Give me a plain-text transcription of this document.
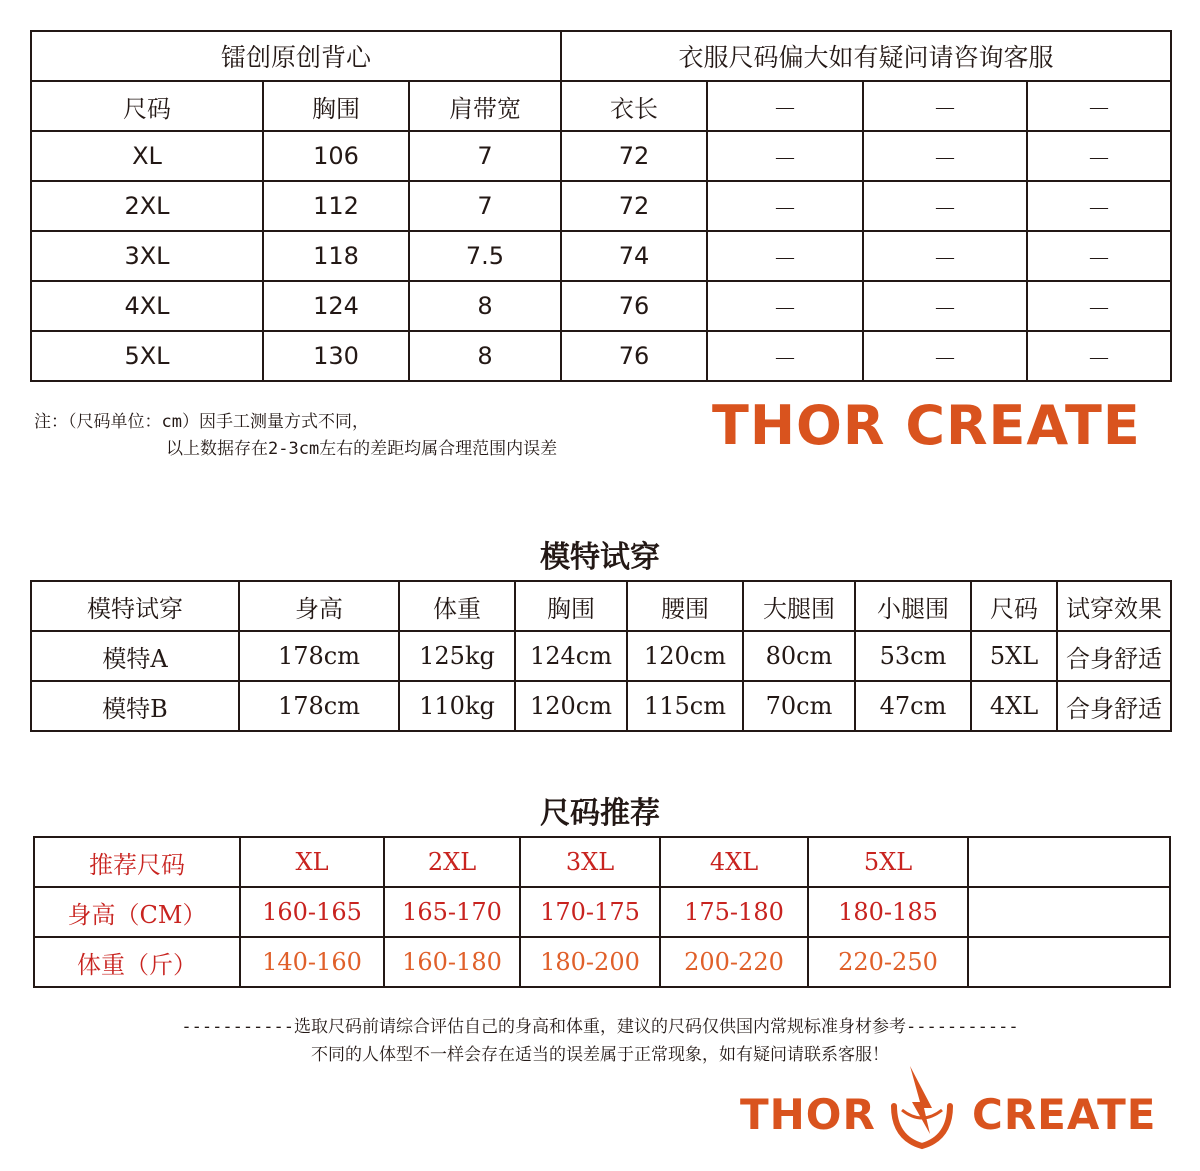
镭创原创背心			衣服尺码偏大如有疑问请咨询客服			
尺码	胸围	肩带宽	衣长	－	－	－
XL	106	7	72	－	－	－
2XL	112	7	72	－	－	－
3XL	118	7.5	74	－	－	－
4XL	124	8	76	－	－	－
5XL	130	8	76	－	－	－
注：（尺码单位：cm）因手工测量方式不同，
以上数据存在2-3cm左右的差距均属合理范围内误差	THOR CREATE
模特试穿
模特试穿	身高	体重	胸围	腰围	大腿围	小腿围	尺码	试穿效果
模特A	178cm	125kg	124cm	120cm	80cm	53cm	5XL	合身舒适
模特B	178cm	110kg	120cm	115cm	70cm	47cm	4XL	合身舒适
尺码推荐
推荐尺码	XL	2XL	3XL	4XL	5XL	
身高（CM）	160-165	165-170	170-175	175-180	180-185	
体重（斤）	140-160	160-180	180-200	200-220	220-250	
-----------选取尺码前请综合评估自己的身高和体重，建议的尺码仅供国内常规标准身材参考-----------
不同的人体型不一样会存在适当的误差属于正常现象，如有疑问请联系客服！
THOR CREATE
